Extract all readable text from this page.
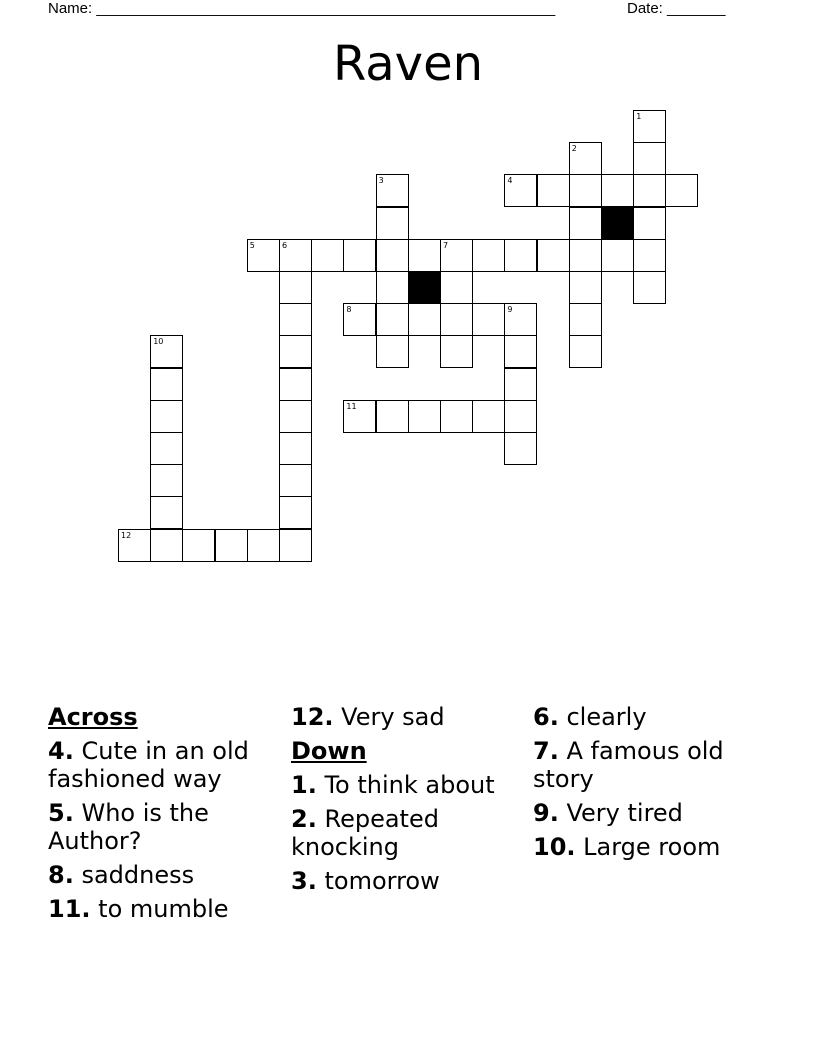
Name: _______________________________________________________	Date: _______
Raven
1
2
3	4
5	6	7
8	9
10
11
12
Across
4. Cute in an old fashioned way
5. Who is the Author?
8. saddness
11. to mumble
12. Very sad
Down
1. To think about
2. Repeated knocking
3. tomorrow
6. clearly
7. A famous old story
9. Very tired
10. Large room
